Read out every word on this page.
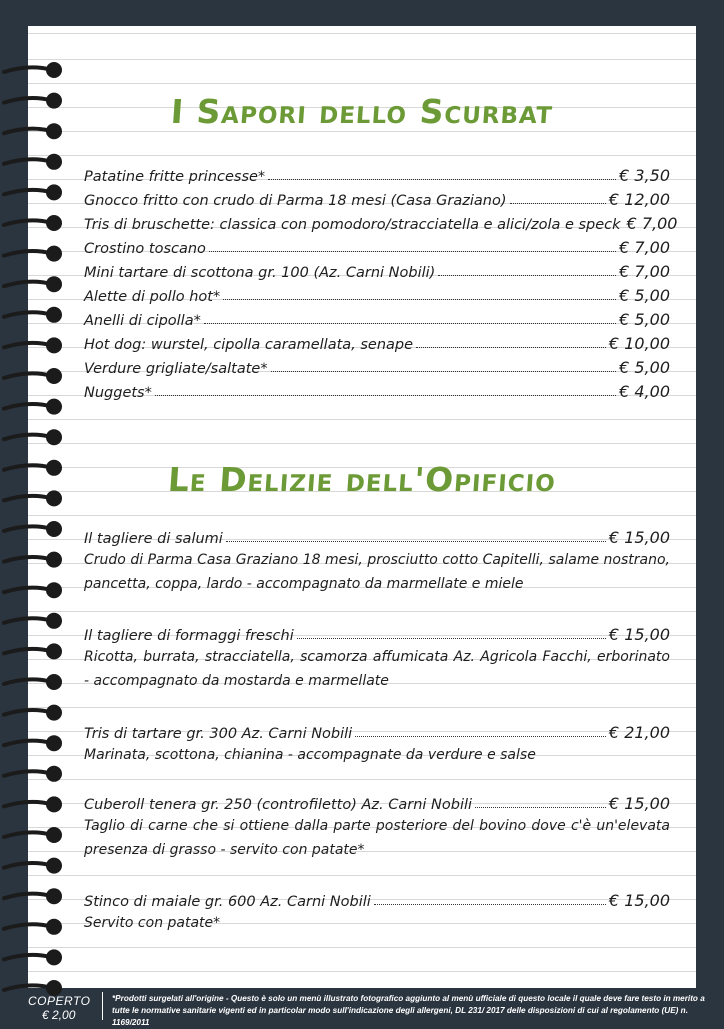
I Sapori dello Scurbat
Patatine fritte princesse*	€ 3,50
Gnocco fritto con crudo di Parma 18 mesi (Casa Graziano)	€ 12,00
Tris di bruschette: classica con pomodoro/stracciatella e alici/zola e speck € 7,00
Crostino toscano	€ 7,00
Mini tartare di scottona gr. 100 (Az. Carni Nobili)	€ 7,00
Alette di pollo hot*	€ 5,00
Anelli di cipolla*	€ 5,00
Hot dog: wurstel, cipolla caramellata, senape	€ 10,00
Verdure grigliate/saltate*	€ 5,00
Nuggets*	€ 4,00
Le Delizie dell'Opificio
Il tagliere di salumi	€ 15,00
Crudo di Parma Casa Graziano 18 mesi, prosciutto cotto Capitelli, salame nostrano, pancetta, coppa, lardo - accompagnato da marmellate e miele
Il tagliere di formaggi freschi	€ 15,00
Ricotta, burrata, stracciatella, scamorza affumicata Az. Agricola Facchi, erborinato - accompagnato da mostarda e marmellate
Tris di tartare gr. 300 Az. Carni Nobili	€ 21,00
Marinata, scottona, chianina - accompagnate da verdure e salse
Cuberoll tenera gr. 250 (controfiletto) Az. Carni Nobili	€ 15,00
Taglio di carne che si ottiene dalla parte posteriore del bovino dove c'è un'elevata presenza di grasso - servito con patate*
Stinco di maiale gr. 600 Az. Carni Nobili	€ 15,00
Servito con patate*
COPERTO
€ 2,00
*Prodotti surgelati all'origine - Questo è solo un menù illustrato fotografico aggiunto al menù ufficiale di questo locale il quale deve fare testo in merito a tutte le normative sanitarie vigenti ed in particolar modo sull'indicazione degli allergeni, DL 231/ 2017 delle disposizioni di cui al regolamento (UE) n. 1169/2011
